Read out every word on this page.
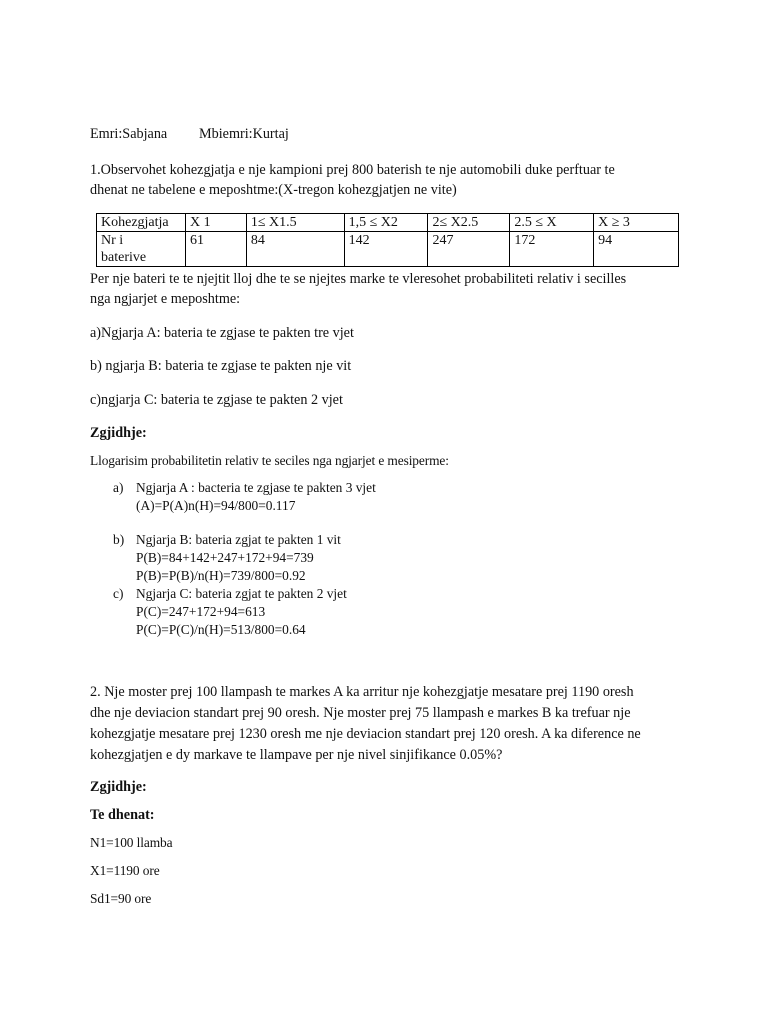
Emri:Sabjana Mbiemri:Kurtaj
1.Observohet kohezgjatja e nje kampioni prej 800 baterish te nje automobili duke perftuar te
dhenat ne tabelene e meposhtme:(X-tregon kohezgjatjen ne vite)
Kohezgjatja	X 1	1≤ X1.5	1,5 ≤ X2	2≤ X2.5	2.5 ≤ X	X ≥ 3

Nr i
baterive	61	84	142	247	172	94
Per nje bateri te te njejtit lloj dhe te se njejtes marke te vleresohet probabiliteti relativ i secilles
nga ngjarjet e meposhtme:
a)Ngjarja A: bateria te zgjase te pakten tre vjet
b) ngjarja B: bateria te zgjase te pakten nje vit
c)ngjarja C: bateria te zgjase te pakten 2 vjet
Zgjidhje:
Llogarisim probabilitetin relativ te seciles nga ngjarjet e mesiperme:
a) Ngjarja A : bacteria te zgjase te pakten 3 vjet
(A)=P(A)n(H)=94/800=0.117
b) Ngjarja B: bateria zgjat te pakten 1 vit
P(B)=84+142+247+172+94=739
P(B)=P(B)/n(H)=739/800=0.92
c) Ngjarja C: bateria zgjat te pakten 2 vjet
P(C)=247+172+94=613
P(C)=P(C)/n(H)=513/800=0.64
2. Nje moster prej 100 llampash te markes A ka arritur nje kohezgjatje mesatare prej 1190 oresh
dhe nje deviacion standart prej 90 oresh. Nje moster prej 75 llampash e markes B ka trefuar nje
kohezgjatje mesatare prej 1230 oresh me nje deviacion standart prej 120 oresh. A ka diference ne
kohezgjatjen e dy markave te llampave per nje nivel sinjifikance 0.05%?
Zgjidhje:
Te dhenat:
N1=100 llamba
X1=1190 ore
Sd1=90 ore
